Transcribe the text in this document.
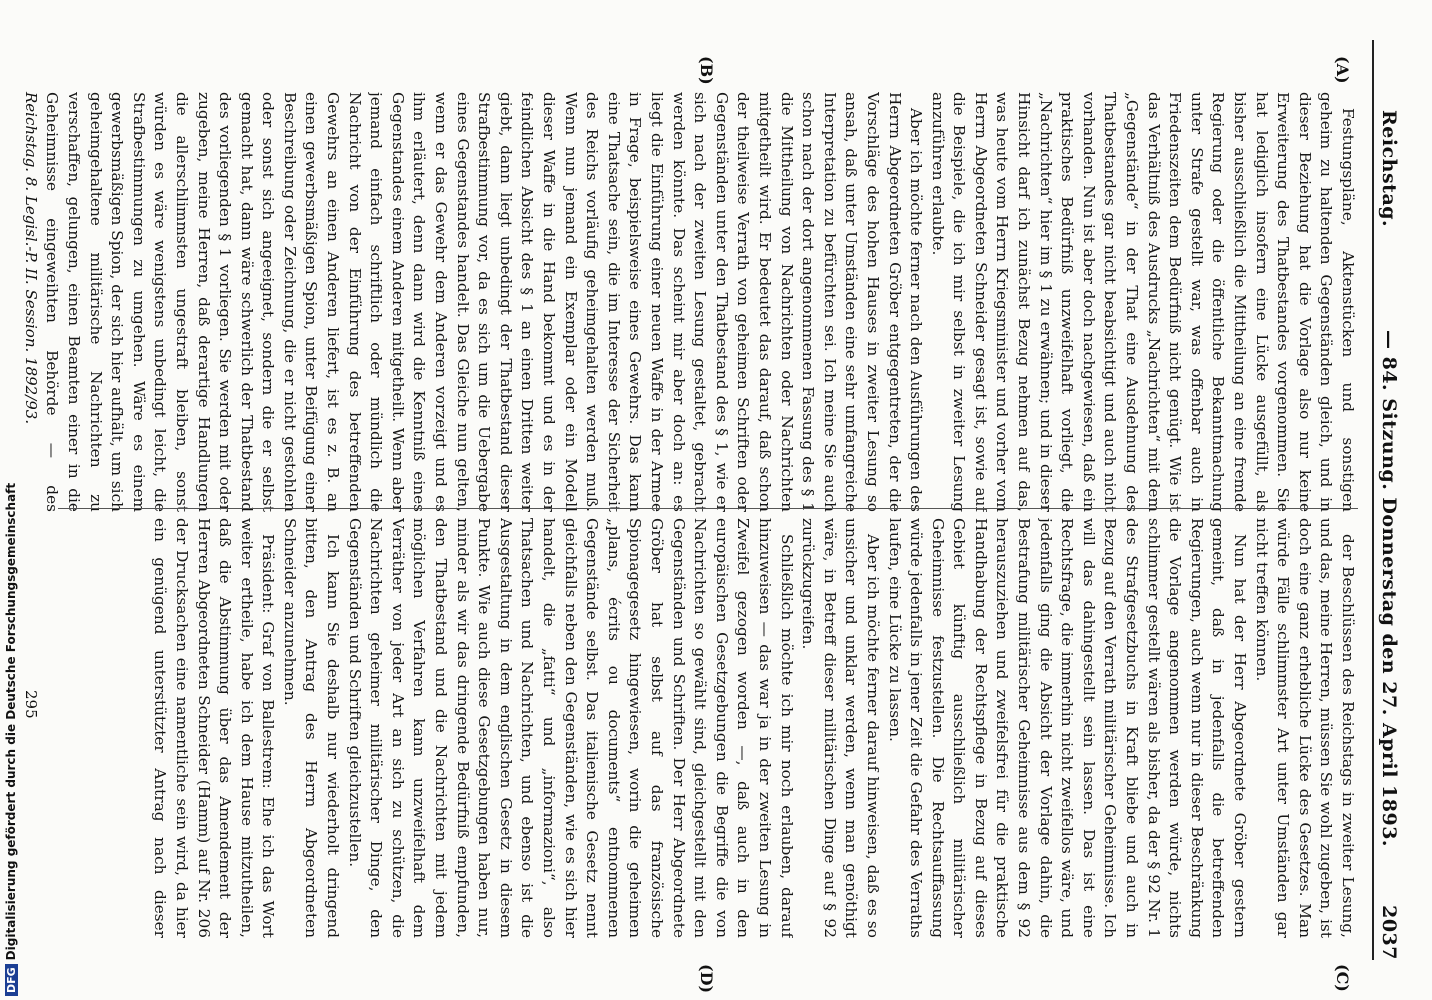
Reichstag.
— 84. Sitzung. Donnerstag den 27. April 1893.
2037
(A)
(B)
(C)
(D)

Festungspläne, Aktenstücken und sonstigen geheim zu haltenden Gegenständen gleich, und in dieser Beziehung hat die Vorlage also nur keine Erweiterung des Thatbestandes vorgenommen. Sie hat lediglich insofern eine Lücke ausgefüllt, als bisher ausschließlich die Mittheilung an eine fremde Regierung oder die öffentliche Bekanntmachung unter Strafe gestellt war, was offenbar auch in Friedenszeiten dem Bedürfniß nicht genügt. Wie ist das Verhältniß des Ausdrucks „Nachrichten“ mit dem „Gegenstände“ in der That eine Ausdehnung des Thatbestandes gar nicht beabsichtigt und auch nicht vorhanden. Nun ist aber doch nachgewiesen, daß ein praktisches Bedürfniß unzweifelhaft vorliegt, die „Nachrichten“ hier im § 1 zu erwähnen; und in dieser Hinsicht darf ich zunächst Bezug nehmen auf das, was heute vom Herrn Kriegsminister und vorher vom Herrn Abgeordneten Schneider gesagt ist, sowie auf die Beispiele, die ich mir selbst in zweiter Lesung anzuführen erlaubte.

Aber ich möchte ferner nach den Ausführungen des Herrn Abgeordneten Gröber entgegentreten, der die Vorschläge des hohen Hauses in zweiter Lesung so ansah, daß unter Umständen eine sehr umfangreiche Interpretation zu befürchten sei. Ich meine Sie auch schon nach der dort angenommenen Fassung des § 1 die Mittheilung von Nachrichten oder Nachrichten mitgetheilt wird. Er bedeutet das darauf, daß schon der theilweise Verrath von geheimen Schriften oder Gegenständen unter den Thatbestand des § 1, wie er sich nach der zweiten Lesung gestaltet, gebracht werden könnte. Das scheint mir aber doch an: es liegt die Einführung einer neuen Waffe in der Armee in Frage, beispielsweise eines Gewehrs. Das kann eine Thatsache sein, die im Interesse der Sicherheit des Reichs vorläufig geheimgehalten werden muß. Wenn nun jemand ein Exemplar oder ein Modell dieser Waffe in die Hand bekommt und es in der feindlichen Absicht des § 1 an einen Dritten weiter giebt, dann liegt unbedingt der Thatbestand dieser Strafbestimmung vor, da es sich um die Uebergabe eines Gegenstandes handelt. Das Gleiche nun gelten, wenn er das Gewehr dem Anderen vorzeigt und es ihm erläutert, denn dann wird die Kenntniß eines Gegenstandes einem Anderen mitgetheilt. Wenn aber jemand einfach schriftlich oder mündlich die Nachricht von der Einführung des betreffenden Gewehrs an einen Anderen liefert, ist es z. B. an einen gewerbsmäßigen Spion, unter Beifügung einer Beschreibung oder Zeichnung, die er nicht gestohlen oder sonst sich angeeignet, sondern die er selbst gemacht hat, dann wäre schwerlich der Thatbestand des vorliegenden § 1 vorliegen. Sie werden mit oder zugeben, meine Herren, daß derartige Handlungen die allerschlimmsten ungestraft bleiben, sonst würden es wäre wenigstens unbedingt leicht, die Strafbestimmungen zu umgehen. Wäre es einem gewerbsmäßigen Spion, der sich hier aufhält, um sich geheimgehaltene militärische Nachrichten zu verschaffen, gelungen, einen Beamten einer in die Geheimnisse eingeweihten Behörde — des

der Beschlüssen des Reichstags in zweiter Lesung, und das, meine Herren, müssen Sie wohl zugeben, ist doch eine ganz erhebliche Lücke des Gesetzes. Man würde Fälle schlimmster Art unter Umständen gar nicht treffen können.

Nun hat der Herr Abgeordnete Gröber gestern gemeint, daß in jedenfalls die betreffenden Regierungen, auch wenn nur in dieser Beschränkung die Vorlage angenommen werden würde, nichts schlimmer gestellt wären als bisher, da der § 92 Nr. 1 des Strafgesetzbuchs in Kraft bliebe und auch in Bezug auf den Verrath militärischer Geheimnisse. Ich will das dahingestellt sein lassen. Das ist eine Rechtsfrage, die immerhin nicht zweifellos wäre, und jedenfalls ging die Absicht der Vorlage dahin, die Bestrafung militärischer Geheimnisse aus dem § 92 herauszuziehen und zweifelsfrei für die praktische Handhabung der Rechtspflege in Bezug auf dieses Gebiet künftig ausschließlich militärischer Geheimnisse festzustellen. Die Rechtsauffassung würde jedenfalls in jener Zeit die Gefahr des Verraths laufen, eine Lücke zu lassen.

Aber ich möchte ferner darauf hinweisen, daß es so unsicher und unklar werden, wenn man genöthigt wäre, in Betreff dieser militärischen Dinge auf § 92 zurückzugreifen.

Schließlich möchte ich mir noch erlauben, darauf hinzuweisen — das war ja in der zweiten Lesung in Zweifel gezogen worden —, daß auch in den europäischen Gesetzgebungen die Begriffe die von Nachrichten so gewählt sind, gleichgestellt mit den Gegenständen und Schriften. Der Herr Abgeordnete Gröber hat selbst auf das französische Spionagegesetz hingewiesen, worin die geheimen „plans, écrits ou documents“ entnommenen Gegenstände selbst. Das italienische Gesetz nennt gleichfalls neben den Gegenständen, wie es sich hier handelt, die „fatti“ und „informazioni“, also Thatsachen und Nachrichten, und ebenso ist die Ausgestaltung in dem englischen Gesetz in diesem Punkte. Wie auch diese Gesetzgebungen haben nur, minder als wir das dringende Bedürfniß empfunden, den Thatbestand und die Nachrichten mit jedem möglichen Verfahren kann unzweifelhaft dem Verräther von jeder Art an sich zu schützen, die Nachrichten geheimer militärischer Dinge, den Gegenständen und Schriften gleichzustellen.

Ich kann Sie deshalb nur wiederholt dringend bitten, den Antrag des Herrn Abgeordneten Schneider anzunehmen.

Präsident: Graf von Ballestrem: Ehe ich das Wort weiter ertheile, habe ich dem Hause mitzutheilen, daß die Abstimmung über das Amendement der Herren Abgeordneten Schneider (Hamm) auf Nr. 206 der Drucksachen eine namentliche sein wird, da hier ein genügend unterstützter Antrag nach dieser

Reichstag. 8. Legisl.-P. II. Session. 1892/93.
295
DFGDigitalisierung gefördert durch die Deutsche Forschungsgemeinschaft
